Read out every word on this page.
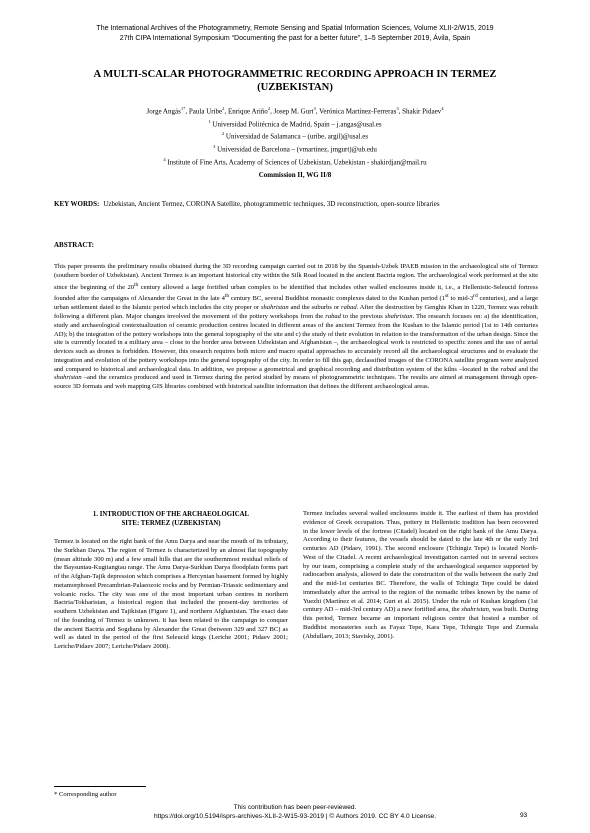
The International Archives of the Photogrammetry, Remote Sensing and Spatial Information Sciences, Volume XLII-2/W15, 2019
27th CIPA International Symposium “Documenting the past for a better future”, 1–5 September 2019, Ávila, Spain
A MULTI-SCALAR PHOTOGRAMMETRIC RECORDING APPROACH IN TERMEZ
(UZBEKISTAN)
Jorge Angás$^{1*}$, Paula Uribe$^2$, Enrique Ariño$^2$, Josep M. Gurt$^3$, Verónica Martínez-Ferreras$^3$, Shakir Pidaev$^4$
$^1$ Universidad Politécnica de Madrid, Spain – j.angas@usal.es
$^2$ Universidad de Salamanca – (uribe, argil)@usal.es
$^3$ Universidad de Barcelona – (vmartinez, jmgurt)@ub.edu
$^4$ Institute of Fine Arts, Academy of Sciences of Uzbekistan, Uzbekistan - shakirdjan@mail.ru
Commission II, WG II/8
KEY WORDS: Uzbekistan, Ancient Termez, CORONA Satellite, photogrammetric techniques, 3D reconstruction, open-source libraries
ABSTRACT:

This paper presents the preliminary results obtained during the 3D recording campaign carried out in 2018 by the Spanish-Uzbek IPAEB mission in the archaeological site of Termez (southern border of Uzbekistan). Ancient Termez is an important historical city within the Silk Road located in the ancient Bactria region. The archaeological work performed at the site since the beginning of the 20th century allowed a large fortified urban complex to be identified that includes other walled enclosures inside it, i.e., a Hellenistic-Seleucid fortress founded after the campaigns of Alexander the Great in the late 4th century BC, several Buddhist monastic complexes dated to the Kushan period (1st to mid-3rd centuries), and a large urban settlement dated to the Islamic period which includes the city proper or shahristan and the suburbs or rabad. After the destruction by Genghis Khan in 1220, Termez was rebuilt following a different plan. Major changes involved the movement of the pottery workshops from the rabad to the previous shahristan. The research focuses on: a) the identification, study and archaeological contextualization of ceramic production centres located in different areas of the ancient Termez from the Kushan to the Islamic period (1st to 14th centuries AD); b) the integration of the pottery workshops into the general topography of the site and c) the study of their evolution in relation to the transformation of the urban design. Since the site is currently located in a military area – close to the border area between Uzbekistan and Afghanistan –, the archaeological work is restricted to specific zones and the use of aerial devices such as drones is forbidden. However, this research requires both micro and macro spatial approaches to accurately record all the archaeological structures and to evaluate the integration and evolution of the pottery workshops into the general topography of the city. In order to fill this gap, declassified images of the CORONA satellite program were analyzed and compared to historical and archaeological data. In addition, we propose a geometrical and graphical recording and distribution system of the kilns –located in the rabad and the shahristan –and the ceramics produced and used in Termez during the period studied by means of photogrammetric techniques. The results are aimed at management through open-source 3D formats and web mapping GIS libraries combined with historical satellite information that defines the different archaeological areas.

1. INTRODUCTION OF THE ARCHAEOLOGICAL
SITE: TERMEZ (UZBEKISTAN)

Termez is located on the right bank of the Amu Darya and near the mouth of its tributary, the Surkhan Darya. The region of Termez is characterized by an almost flat topography (mean altitude 300 m) and a few small hills that are the southernmost residual reliefs of the Baysuntau-Kugitangtau range. The Amu Darya-Surkhan Darya floodplain forms part of the Afghan-Tajik depression which comprises a Hercynian basement formed by highly metamorphosed Precambrian-Palaeozoic rocks and by Permian-Triassic sedimentary and volcanic rocks. The city was one of the most important urban centres in northern Bactria/Tokharistan, a historical region that included the present-day territories of southern Uzbekistan and Tajikistan (Figure 1), and northern Afghanistan. The exact date of the founding of Termez is unknown. It has been related to the campaign to conquer the ancient Bactria and Sogdiana by Alexander the Great (between 329 and 327 BC) as well as dated in the period of the first Seleucid kings (Leriche 2001; Pidaev 2001; Leriche/Pidaev 2007; Leriche/Pidaev 2008).

Termez includes several walled enclosures inside it. The earliest of them has provided evidence of Greek occupation. Thus, pottery in Hellenistic tradition has been recovered in the lower levels of the fortress (Citadel) located on the right bank of the Amu Darya. According to their features, the vessels should be dated to the late 4th or the early 3rd centuries AD (Pidaev, 1991). The second enclosure (Tchingiz Tepe) is located North-West of the Citadel. A recent archaeological investigation carried out in several sectors by our team, comprising a complete study of the archaeological sequence supported by radiocarbon analysis, allowed to date the construction of the walls between the early 2nd and the mid-1st centuries BC. Therefore, the walls of Tchingiz Tepe could be dated immediately after the arrival to the region of the nomadic tribes known by the name of Yuezhi (Martínez et al. 2014; Gurt et al. 2015). Under the rule of Kushan kingdom (1st century AD – mid-3rd century AD) a new fortified area, the shahristan, was built. During this period, Termez became an important religious centre that hosted a number of Buddhist monasteries such as Fayaz Tepe, Kara Tepe, Tchingiz Tepe and Zurmala (Abdullaev, 2013; Stavisky, 2001).

* Corresponding author
This contribution has been peer-reviewed.
https://doi.org/10.5194/isprs-archives-XLII-2-W15-93-2019 | © Authors 2019. CC BY 4.0 License.	93
